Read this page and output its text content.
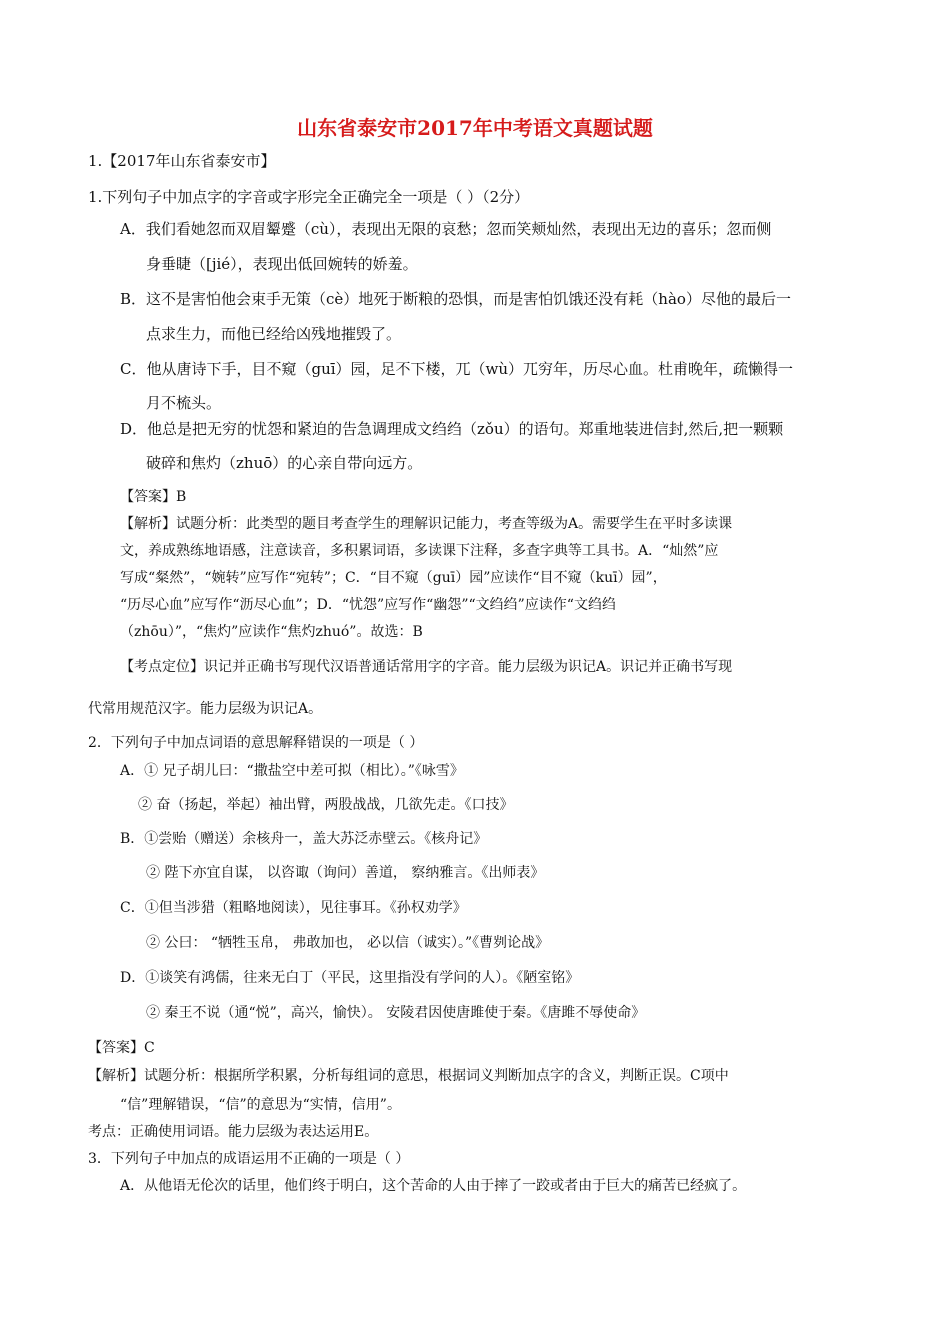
山东省泰安市2017年中考语文真题试题
1.【2017年山东省泰安市】
1.下列句子中加点字的字音或字形完全正确完全一项是（ ）（2分）
A．我们看她忽而双眉颦蹙（cù），表现出无限的哀愁；忽而笑颊灿然，表现出无边的喜乐；忽而侧
身垂睫（[jié），表现出低回婉转的娇羞。
B．这不是害怕他会束手无策（cè）地死于断粮的恐惧，而是害怕饥饿还没有耗（hào）尽他的最后一
点求生力，而他已经给凶残地摧毁了。
C．他从唐诗下手，目不窥（guī）园，足不下楼，兀（wù）兀穷年，历尽心血。杜甫晚年，疏懒得一
月不梳头。
D．他总是把无穷的忧怨和紧迫的告急调理成文绉绉（zǒu）的语句。郑重地装进信封,然后,把一颗颗
破碎和焦灼（zhuō）的心亲自带向远方。
【答案】B
【解析】试题分析：此类型的题目考查学生的理解识记能力，考查等级为A。需要学生在平时多读课
文，养成熟练地语感，注意读音，多积累词语，多读课下注释，多查字典等工具书。A．“灿然”应
写成“粲然”，“婉转”应写作“宛转”；C．“目不窥（guī）园”应读作“目不窥（kuī）园”，
“历尽心血”应写作“沥尽心血”；D．“忧怨”应写作“幽怨”“文绉绉”应读作“文绉绉
（zhōu）”，“焦灼”应读作“焦灼zhuó”。故选：B
【考点定位】识记并正确书写现代汉语普通话常用字的字音。能力层级为识记A。识记并正确书写现
代常用规范汉字。能力层级为识记A。
2．下列句子中加点词语的意思解释错误的一项是（ ）
A．① 兄子胡儿曰：“撒盐空中差可拟（相比）。”《咏雪》
② 奋（扬起，举起）袖出臂，两股战战，几欲先走。《口技》
B．①尝贻（赠送）余核舟一，盖大苏泛赤壁云。《核舟记》
② 陛下亦宜自谋， 以咨诹（询问）善道， 察纳雅言。《出师表》
C．①但当涉猎（粗略地阅读），见往事耳。《孙权劝学》
② 公曰： “牺牲玉帛， 弗敢加也， 必以信（诚实）。”《曹刿论战》
D．①谈笑有鸿儒，往来无白丁（平民，这里指没有学问的人）。《陋室铭》
② 秦王不说（通“悦”，高兴，愉快）。 安陵君因使唐雎使于秦。《唐雎不辱使命》
【答案】C
【解析】试题分析：根据所学积累，分析每组词的意思，根据词义判断加点字的含义，判断正误。C项中
“信”理解错误，“信”的意思为“实情，信用”。
考点：正确使用词语。能力层级为表达运用E。
3．下列句子中加点的成语运用不正确的一项是（ ）
A．从他语无伦次的话里，他们终于明白，这个苦命的人由于摔了一跤或者由于巨大的痛苦已经疯了。
